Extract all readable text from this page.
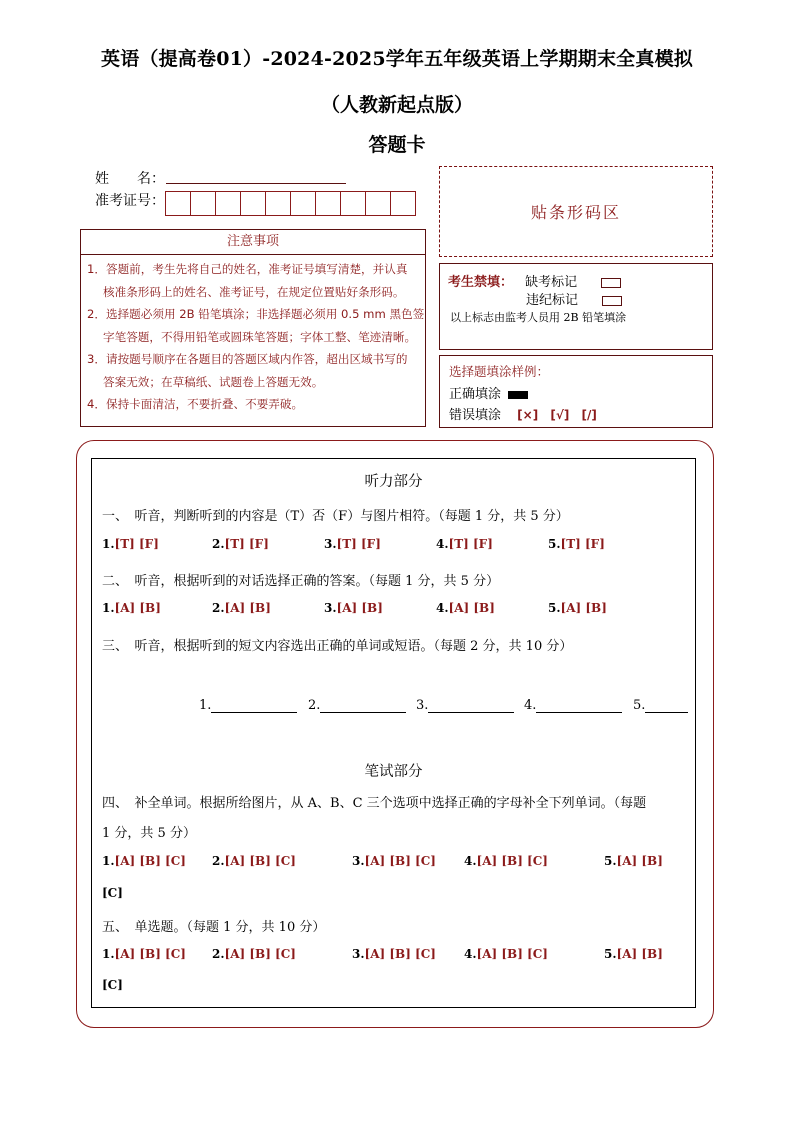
英语（提高卷01）-2024-2025学年五年级英语上学期期末全真模拟
（人教新起点版）
答题卡
姓　　名：
准考证号：
注意事项
1．答题前，考生先将自己的姓名，准考证号填写清楚，并认真
核准条形码上的姓名、准考证号，在规定位置贴好条形码。
2．选择题必须用 2B 铅笔填涂；非选择题必须用 0.5 mm 黑色签
字笔答题，不得用铅笔或圆珠笔答题；字体工整、笔迹清晰。
3．请按题号顺序在各题目的答题区域内作答，超出区域书写的
答案无效；在草稿纸、试题卷上答题无效。
4．保持卡面清洁，不要折叠、不要弄破。
贴条形码区
考生禁填： 缺考标记
违纪标记
以上标志由监考人员用 2B 铅笔填涂
选择题填涂样例：
正确填涂
错误填涂 [×] [√] [/]
听力部分
一、　听音，判断听到的内容是（T）否（F）与图片相符。（每题 1 分，共 5 分）
1.[T] [F]	2.[T] [F]	3.[T] [F]	4.[T] [F]	5.[T] [F]
二、　听音，根据听到的对话选择正确的答案。（每题 1 分，共 5 分）
1.[A] [B]	2.[A] [B]	3.[A] [B]	4.[A] [B]	5.[A] [B]
三、　听音，根据听到的短文内容选出正确的单词或短语。（每题 2 分，共 10 分）
1.	2.	3.	4.	5.
笔试部分
四、　补全单词。根据所给图片，从 A、B、C 三个选项中选择正确的字母补全下列单词。（每题
1 分，共 5 分）
1.[A] [B] [C] 2.[A] [B] [C]	3.[A] [B] [C] 4.[A] [B] [C]	5.[A] [B]
[C]
五、　单选题。（每题 1 分，共 10 分）
1.[A] [B] [C] 2.[A] [B] [C]	3.[A] [B] [C] 4.[A] [B] [C]	5.[A] [B]
[C]
